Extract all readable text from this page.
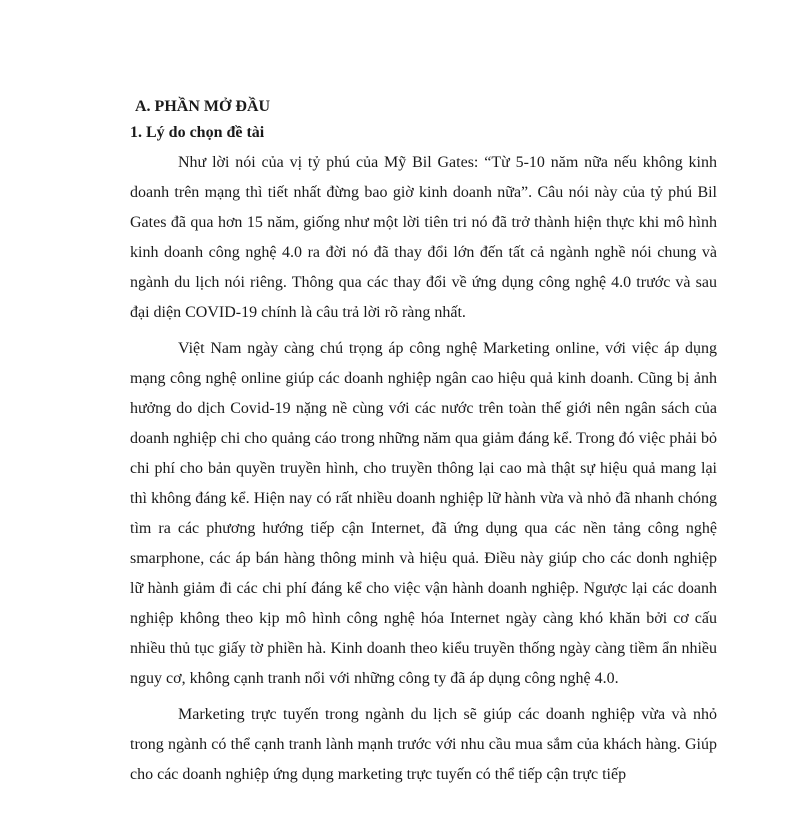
A. PHẦN MỞ ĐẦU
1. Lý do chọn đề tài

Như lời nói của vị tỷ phú của Mỹ Bil Gates: “Từ 5-10 năm nữa nếu không kinh doanh trên mạng thì tiết nhất đừng bao giờ kinh doanh nữa”. Câu nói này của tỷ phú Bil Gates đã qua hơn 15 năm, giống như một lời tiên tri nó đã trở thành hiện thực khi mô hình kinh doanh công nghệ 4.0 ra đời nó đã thay đổi lớn đến tất cả ngành nghề nói chung và ngành du lịch nói riêng. Thông qua các thay đổi về ứng dụng công nghệ 4.0 trước và sau đại diện COVID-19 chính là câu trả lời rõ ràng nhất.

Việt Nam ngày càng chú trọng áp công nghệ Marketing online, với việc áp dụng mạng công nghệ online giúp các doanh nghiệp ngân cao hiệu quả kinh doanh. Cũng bị ảnh hưởng do dịch Covid-19 nặng nề cùng với các nước trên toàn thế giới nên ngân sách của doanh nghiệp chi cho quảng cáo trong những năm qua giảm đáng kể. Trong đó việc phải bỏ chi phí cho bản quyền truyền hình, cho truyền thông lại cao mà thật sự hiệu quả mang lại thì không đáng kể. Hiện nay có rất nhiều doanh nghiệp lữ hành vừa và nhỏ đã nhanh chóng tìm ra các phương hướng tiếp cận Internet, đã ứng dụng qua các nền tảng công nghệ smarphone, các áp bán hàng thông minh và hiệu quả. Điều này giúp cho các donh nghiệp lữ hành giảm đi các chi phí đáng kể cho việc vận hành doanh nghiệp. Ngược lại các doanh nghiệp không theo kịp mô hình công nghệ hóa Internet ngày càng khó khăn bởi cơ cấu nhiều thủ tục giấy tờ phiền hà. Kinh doanh theo kiểu truyền thống ngày càng tiềm ẩn nhiều nguy cơ, không cạnh tranh nổi với những công ty đã áp dụng công nghệ 4.0.

Marketing trực tuyến trong ngành du lịch sẽ giúp các doanh nghiệp vừa và nhỏ trong ngành có thể cạnh tranh lành mạnh trước với nhu cầu mua sắm của khách hàng. Giúp cho các doanh nghiệp ứng dụng marketing trực tuyến có thể tiếp cận trực tiếp
